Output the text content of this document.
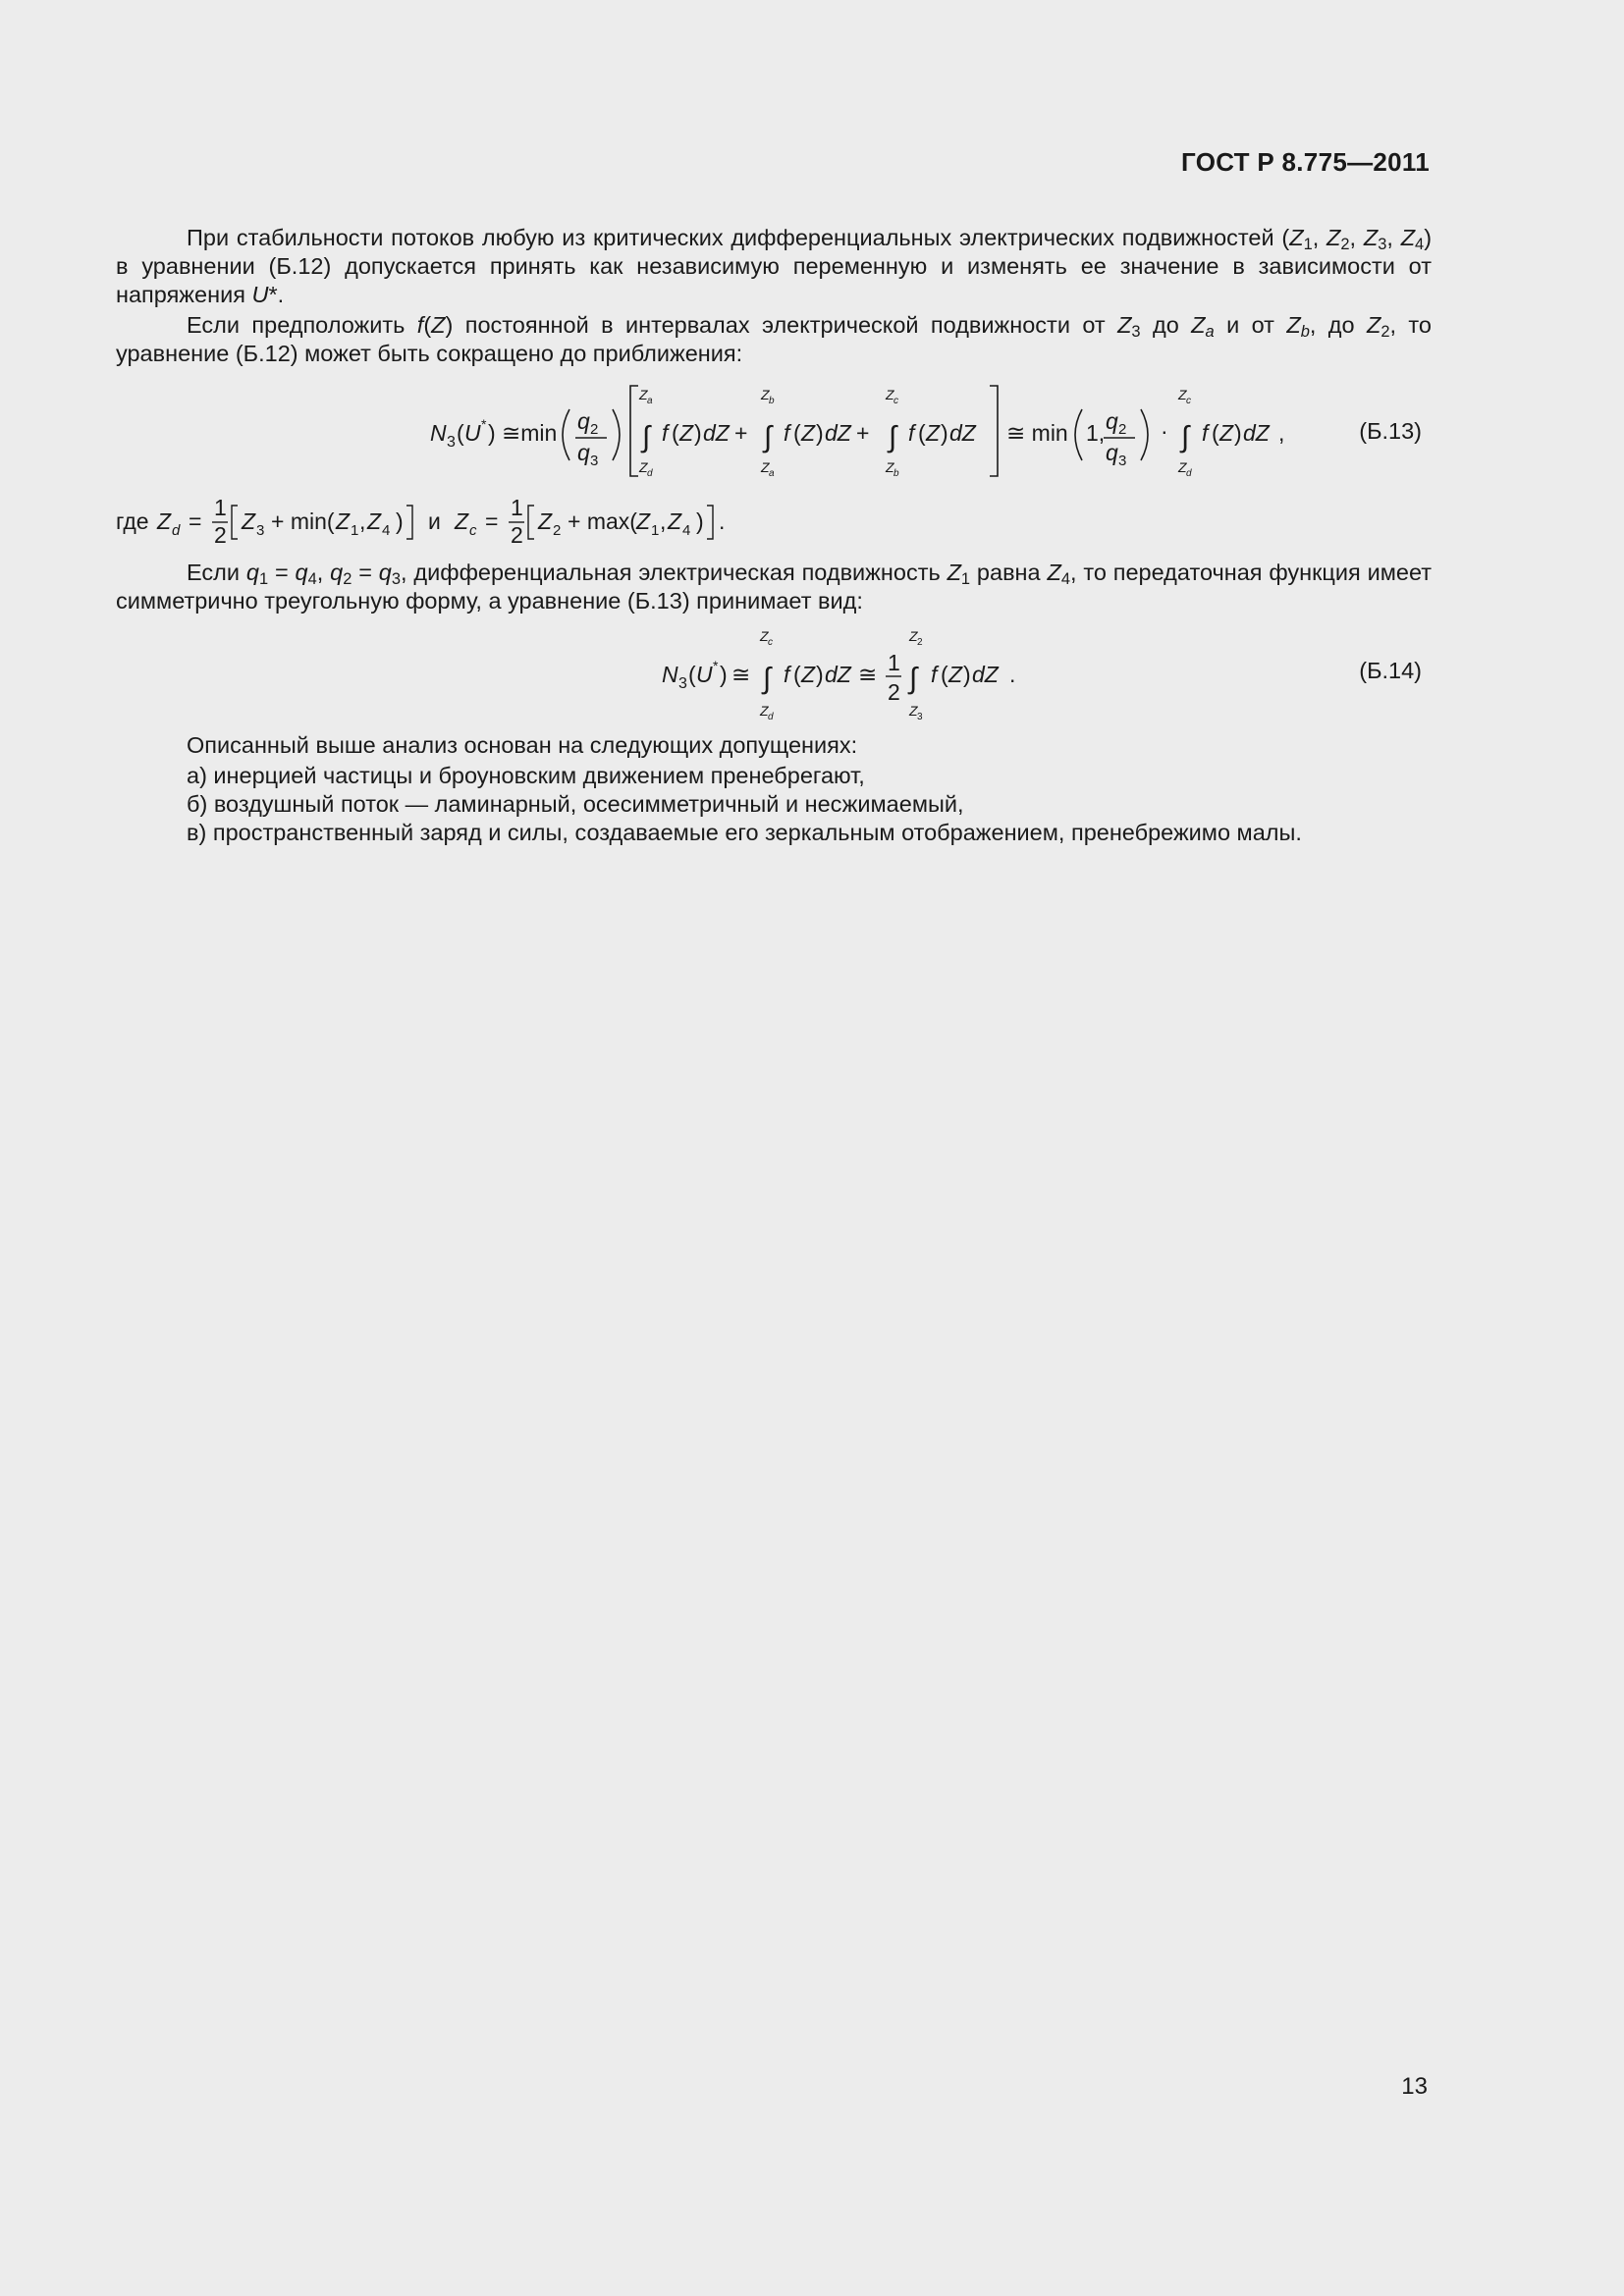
ГОСТ Р 8.775—2011

При стабильности потоков любую из критических дифференциальных электрических подвижностей ($Z_1$, $Z_2$, $Z_3$, $Z_4$) в уравнении (Б.12) допускается принять как независимую переменную и изменять ее значение в зависимости от напряжения U*.

Если предположить f(Z) постоянной в интервалах электрической подвижности от $Z_3$ до $Z_a$ и от $Z_b$, до $Z_2$, то уравнение (Б.12) может быть сокращено до приближения:

N 3 ( U * ) ≅min q 2
q 3
Z a
∫
Z d
f ( Z ) dZ +
Z b
∫
Z a
f ( Z ) dZ +
Z c
∫
Z b
f ( Z ) dZ ≅ min 1, q 2
q 3
·
Z c
∫
Z d
f ( Z ) dZ ,	(Б.13)
где Z d =
1
2
Z 3 + min( Z 1 , Z 4 ) и Z c =
1
2
Z 2 + max( Z 1 , Z 4 ) .

Если $q_1 = q_4$, $q_2 = q_3$, дифференциальная электрическая подвижность $Z_1$ равна $Z_4$, то передаточная функция имеет симметрично треугольную форму, а уравнение (Б.13) принимает вид:

N 3 ( U * ) ≅
Z c
∫
Z d
f ( Z ) dZ ≅ 1
2
Z 2
∫
Z 3
f ( Z ) dZ .	(Б.14)

Описанный выше анализ основан на следующих допущениях:

а) инерцией частицы и броуновским движением пренебрегают,

б) воздушный поток — ламинарный, осесимметричный и несжимаемый,

в) пространственный заряд и силы, создаваемые его зеркальным отображением, пренебрежимо малы.

13
